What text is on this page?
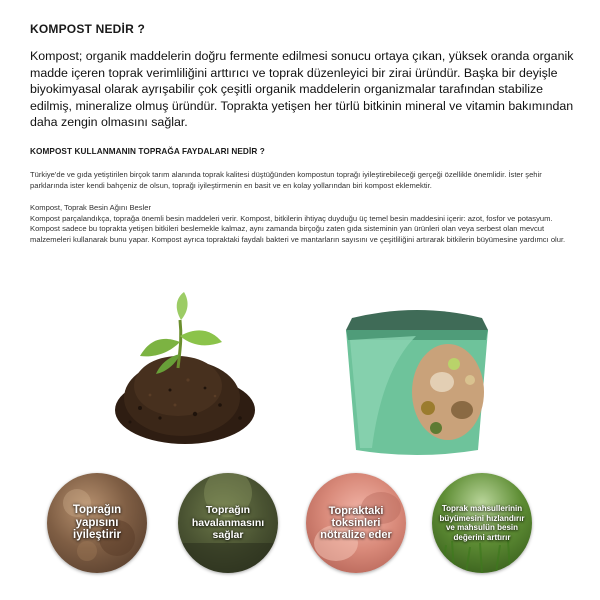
KOMPOST NEDİR ?

Kompost; organik maddelerin doğru fermente edilmesi sonucu ortaya çıkan, yüksek oranda organik madde içeren toprak verimliliğini arttırıcı ve toprak düzenleyici bir zirai üründür. Başka bir deyişle biyokimyasal olarak ayrışabilir çok çeşitli organik maddelerin organizmalar tarafından stabilize edilmiş, mineralize olmuş üründür. Toprakta yetişen her türlü bitkinin mineral ve vitamin bakımından daha zengin olmasını sağlar.

KOMPOST KULLANMANIN TOPRAĞA FAYDALARI NEDİR ?

Türkiye'de ve gıda yetiştirilen birçok tarım alanında toprak kalitesi düştüğünden kompostun toprağı iyileştirebileceği gerçeği özellikle önemlidir. İster şehir parklarında ister kendi bahçeniz de olsun, toprağı iyileştirmenin en basit ve en kolay yollarından biri kompost eklemektir.

Kompost, Toprak Besin Ağını Besler

Kompost parçalandıkça, toprağa önemli besin maddeleri verir. Kompost, bitkilerin ihtiyaç duyduğu üç temel besin maddesini içerir: azot, fosfor ve potasyum. Kompost sadece bu toprakta yetişen bitkileri beslemekle kalmaz, aynı zamanda birçoğu zaten gıda sisteminin yan ürünleri olan veya serbest olan mevcut malzemeleri kullanarak bunu yapar. Kompost ayrıca topraktaki faydalı bakteri ve mantarların sayısını ve çeşitliliğini artırarak bitkilerin büyümesine yardımcı olur.

Toprağın yapısını iyileştirir
Toprağın havalanmasını sağlar
Topraktaki toksinleri nötralize eder
Toprak mahsullerinin büyümesini hızlandırır ve mahsulün besin değerini arttırır
